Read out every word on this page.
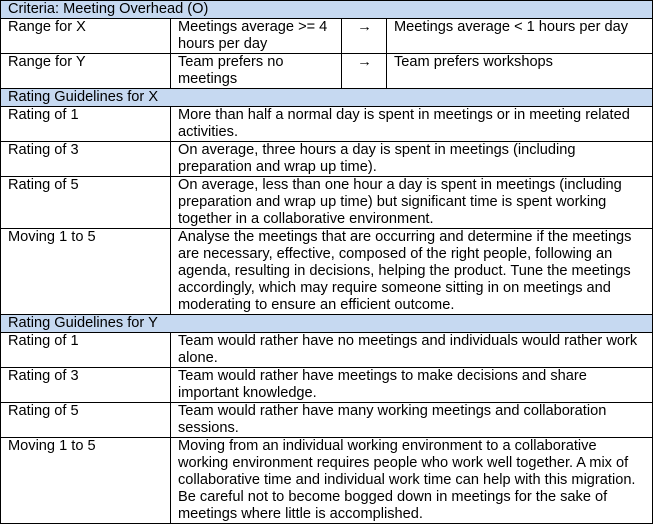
Criteria: Meeting Overhead (O)			
Range for X	Meetings average >= 4 hours per day	→	Meetings average < 1 hours per day
Range for Y	Team prefers no meetings	→	Team prefers workshops
Rating Guidelines for X			
Rating of 1	More than half a normal day is spent in meetings or in meeting related activities.		
Rating of 3	On average, three hours a day is spent in meetings (including preparation and wrap up time).		
Rating of 5	On average, less than one hour a day is spent in meetings (including preparation and wrap up time) but significant time is spent working together in a collaborative environment.		
Moving 1 to 5	Analyse the meetings that are occurring and determine if the meetings are necessary, effective, composed of the right people, following an agenda, resulting in decisions, helping the product. Tune the meetings accordingly, which may require someone sitting in on meetings and moderating to ensure an efficient outcome.		
Rating Guidelines for Y			
Rating of 1	Team would rather have no meetings and individuals would rather work alone.		
Rating of 3	Team would rather have meetings to make decisions and share important knowledge.		
Rating of 5	Team would rather have many working meetings and collaboration sessions.		
Moving 1 to 5	Moving from an individual working environment to a collaborative working environment requires people who work well together. A mix of collaborative time and individual work time can help with this migration. Be careful not to become bogged down in meetings for the sake of meetings where little is accomplished.		
